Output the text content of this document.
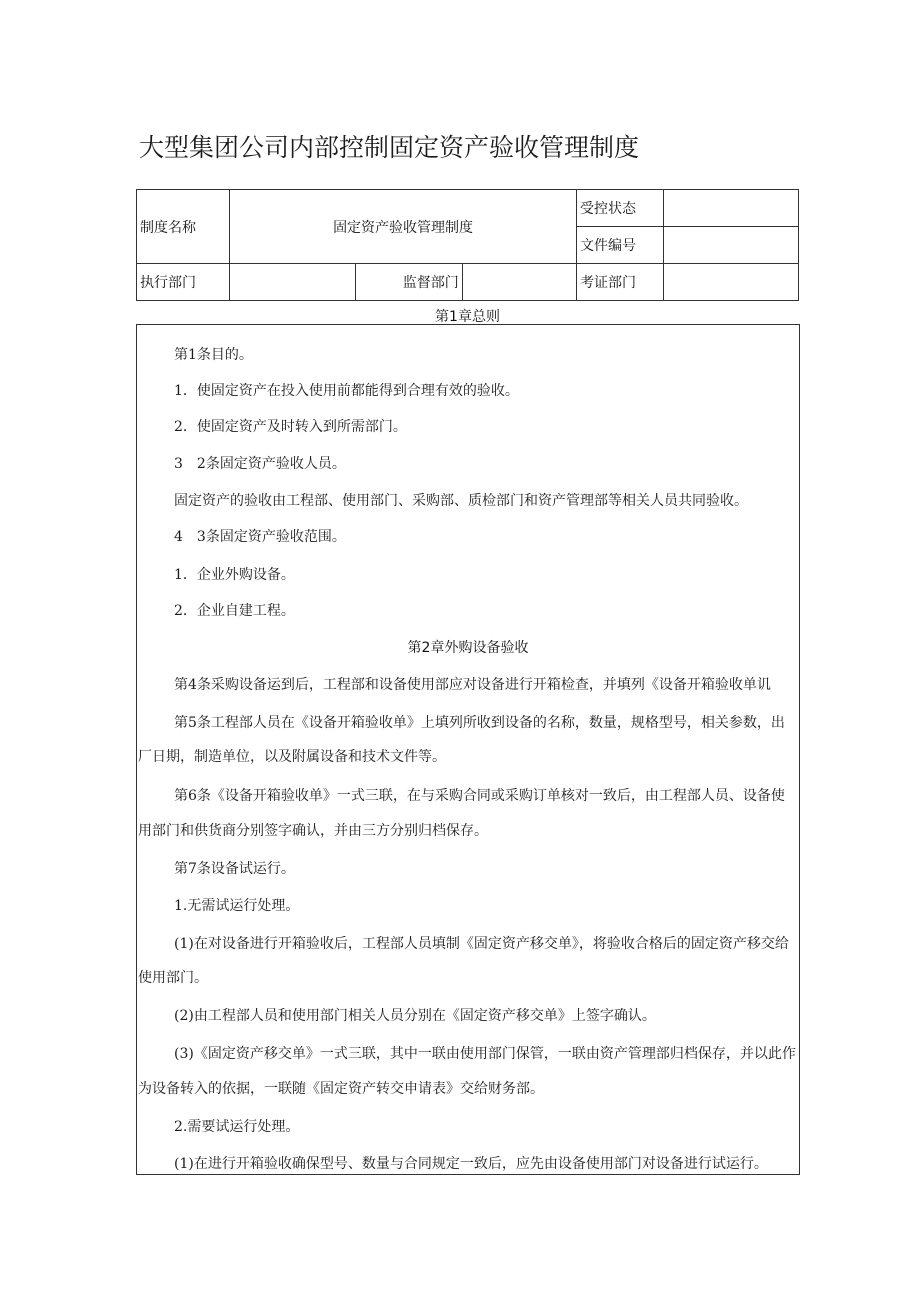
大型集团公司内部控制固定资产验收管理制度
制度名称	固定资产验收管理制度			受控状态	
				文件编号	
执行部门		监督部门		考证部门	
第1章总则
第1条目的。
1．使固定资产在投入使用前都能得到合理有效的验收。
2．使固定资产及时转入到所需部门。
3　2条固定资产验收人员。
固定资产的验收由工程部、使用部门、采购部、质检部门和资产管理部等相关人员共同验收。
4　3条固定资产验收范围。
1．企业外购设备。
2．企业自建工程。
第2章外购设备验收
第4条采购设备运到后，工程部和设备使用部应对设备进行开箱检查，并填列《设备开箱验收单讥
第5条工程部人员在《设备开箱验收单》上填列所收到设备的名称，数量，规格型号，相关参数，出
厂日期，制造单位，以及附属设备和技术文件等。
第6条《设备开箱验收单》一式三联，在与采购合同或采购订单核对一致后，由工程部人员、设备使
用部门和供货商分别签字确认，并由三方分别归档保存。
第7条设备试运行。
1.无需试运行处理。
(1)在对设备进行开箱验收后，工程部人员填制《固定资产移交单》，将验收合格后的固定资产移交给
使用部门。
(2)由工程部人员和使用部门相关人员分别在《固定资产移交单》上签字确认。
(3)《固定资产移交单》一式三联，其中一联由使用部门保管，一联由资产管理部归档保存，并以此作
为设备转入的依据，一联随《固定资产转交申请表》交给财务部。
2.需要试运行处理。
(1)在进行开箱验收确保型号、数量与合同规定一致后，应先由设备使用部门对设备进行试运行。
